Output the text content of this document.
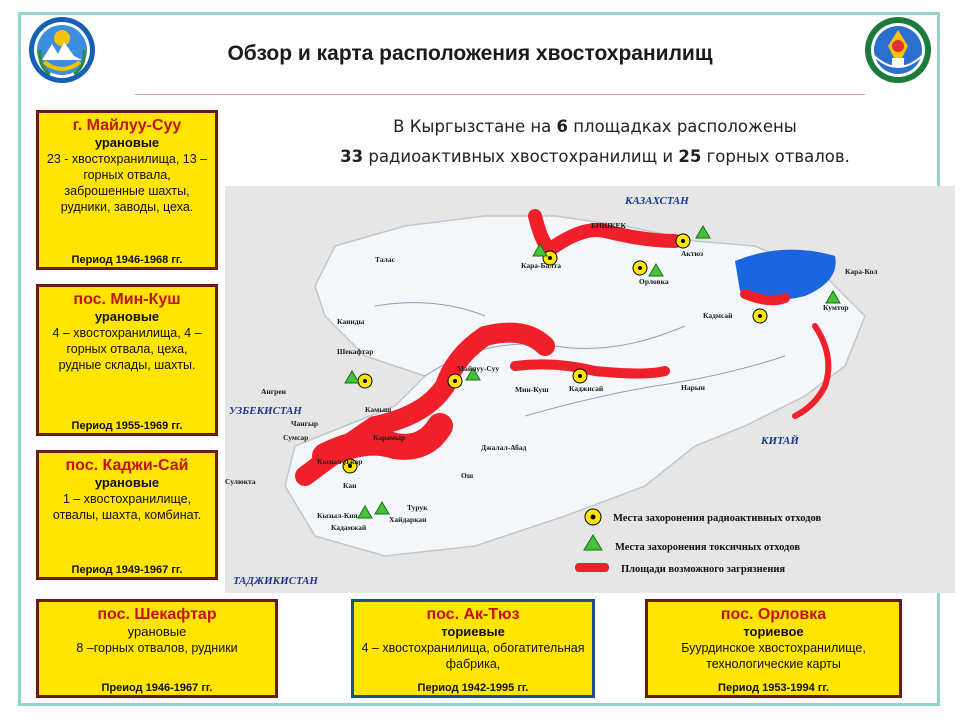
Обзор и карта расположения хвостохранилищ
В Кыргызстане на 6 площадках расположены
33 радиоактивных хвостохранилищ и 25 горных отвалов.
г. Майлуу-Суу
урановые
23 - хвостохранилища, 13 – горных отвала, заброшенные шахты, рудники, заводы, цеха.
Период 1946-1968 гг.
пос. Мин-Куш
урановые
4 – хвостохранилища, 4 – горных отвала, цеха, рудные склады, шахты.
Период 1955-1969 гг.
пос. Каджи-Сай
урановые
1 – хвостохранилище, отвалы, шахта, комбинат.
Период 1949-1967 гг.
пос. Шекафтар
урановые
8 –горных отвалов, рудники
Преиод 1946-1967 гг.
пос. Ак-Тюз
ториевые
4 – хвостохранилища, обогатительная фабрика,
Период 1942-1995 гг.
пос. Орловка
ториевое
Буурдинское хвостохранилище, технологические карты
Период 1953-1994 гг.
КАЗАХСТАН
УЗБЕКИСТАН
КИТАЙ
ТАДЖИКИСТАН
Кара-Балта
БИШКЕК
Актюз
Орловка
Талас
Кадмсай
Кара-Кол
Кумтор
Каинды
Шекафтар
Майлуу-Суу
Каджисай
Мин-Куш	Нарын
Ангрен
Камыш
Чангыр
Карамыр
Джалал-Абад
Ош
Кан
Кызыл-Джар
Хайдаркан
Кадамжай
Турук
Сумсар
Кызыл-Кия
Сулюкта
Места захоронения радиоактивных отходов
Места захоронения токсичных отходов
Площади возможного загрязнения
